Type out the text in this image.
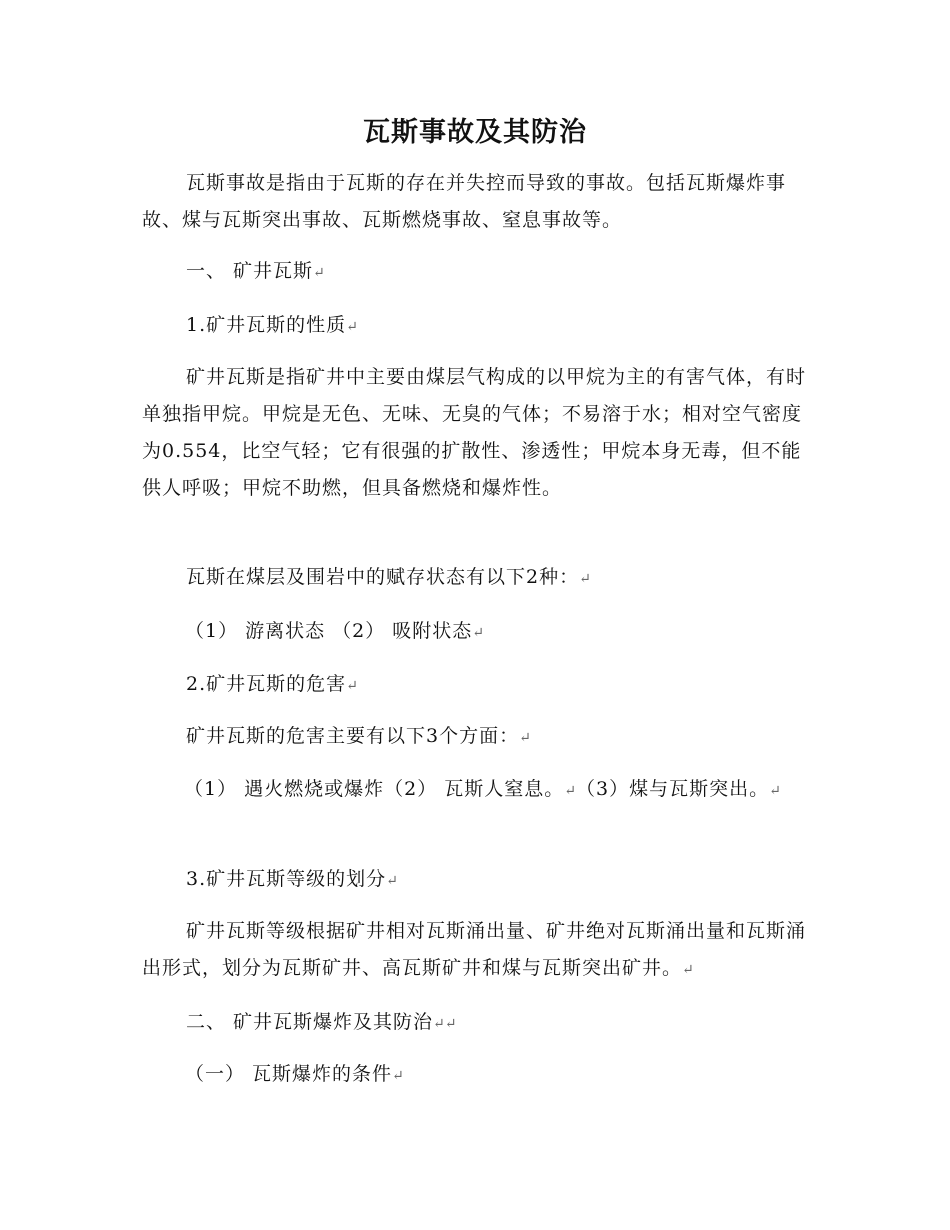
瓦斯事故及其防治

瓦斯事故是指由于瓦斯的存在并失控而导致的事故。包括瓦斯爆炸事故、煤与瓦斯突出事故、瓦斯燃烧事故、窒息事故等。

一、 矿井瓦斯↵

1.矿井瓦斯的性质↵

矿井瓦斯是指矿井中主要由煤层气构成的以甲烷为主的有害气体，有时单独指甲烷。甲烷是无色、无味、无臭的气体；不易溶于水；相对空气密度为0.554，比空气轻；它有很强的扩散性、渗透性；甲烷本身无毒，但不能供人呼吸；甲烷不助燃，但具备燃烧和爆炸性。

瓦斯在煤层及围岩中的赋存状态有以下2种：↵

（1） 游离状态 （2） 吸附状态↵

2.矿井瓦斯的危害↵

矿井瓦斯的危害主要有以下3个方面：↵

（1） 遇火燃烧或爆炸（2） 瓦斯人窒息。↵（3）煤与瓦斯突出。↵

3.矿井瓦斯等级的划分↵

矿井瓦斯等级根据矿井相对瓦斯涌出量、矿井绝对瓦斯涌出量和瓦斯涌出形式，划分为瓦斯矿井、高瓦斯矿井和煤与瓦斯突出矿井。↵

二、 矿井瓦斯爆炸及其防治↵↵

（一） 瓦斯爆炸的条件↵
